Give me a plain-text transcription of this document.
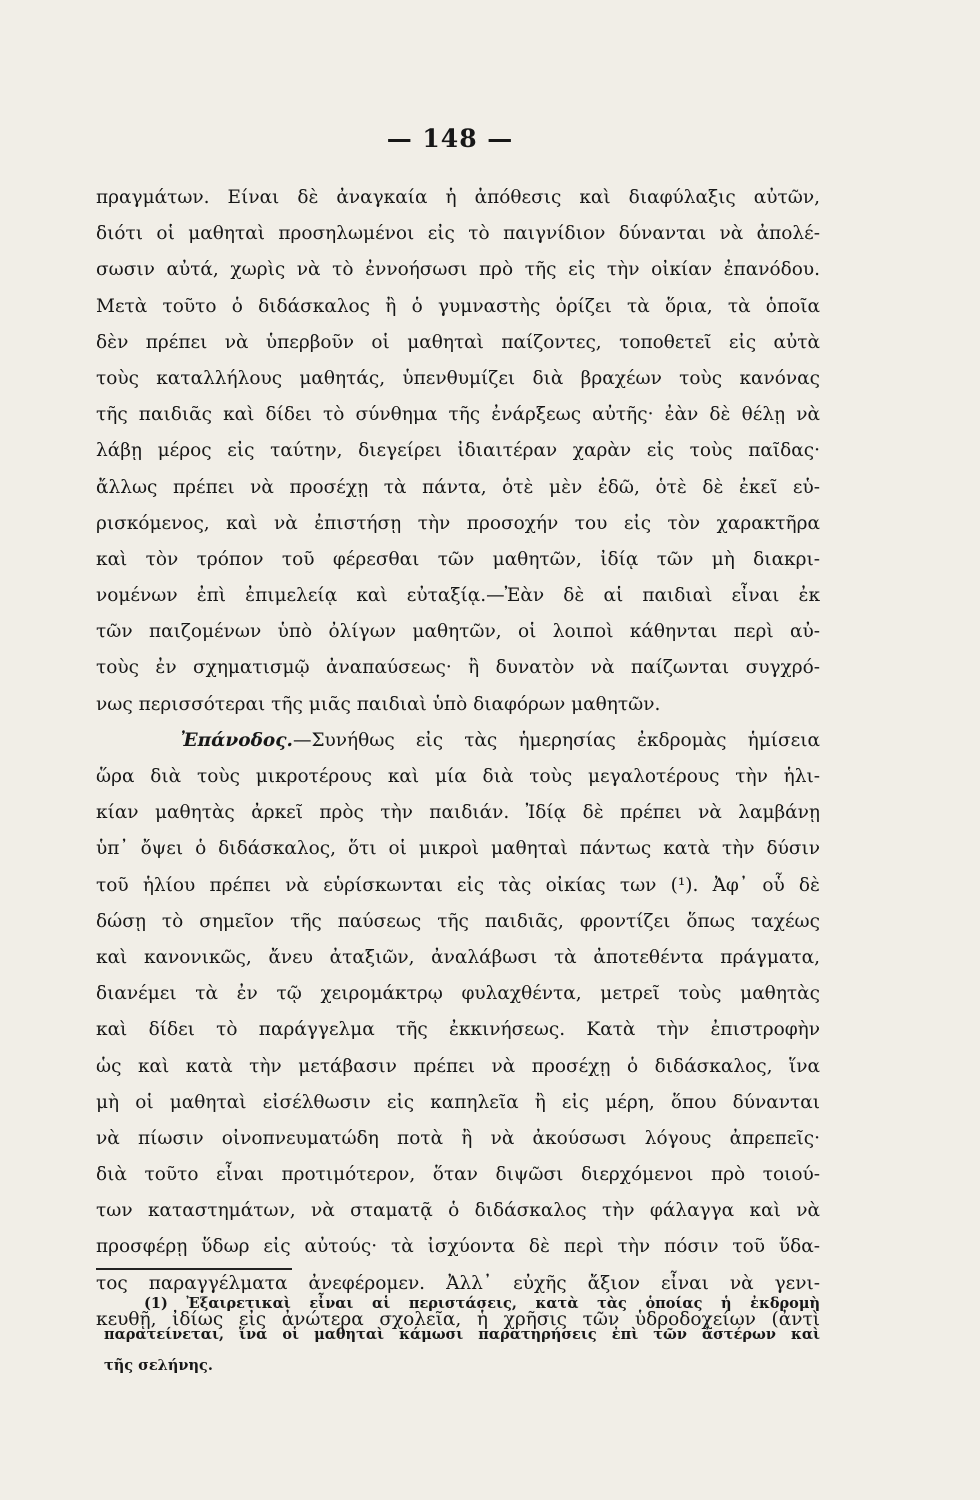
— 148 —
πραγμάτων. Είναι δὲ ἀναγκαία ἡ ἀπόθεσις καὶ διαφύλαξις αὐτῶν,
διότι οἱ μαθηταὶ προσηλωμένοι εἰς τὸ παιγνίδιον δύνανται νὰ ἀπολέ-
σωσιν αὐτά, χωρὶς νὰ τὸ ἐννοήσωσι πρὸ τῆς εἰς τὴν οἰκίαν ἐπανόδου.
Μετὰ τοῦτο ὁ διδάσκαλος ἢ ὁ γυμναστὴς ὁρίζει τὰ ὅρια, τὰ ὁποῖα
δὲν πρέπει νὰ ὑπερβοῦν οἱ μαθηταὶ παίζοντες, τοποθετεῖ εἰς αὐτὰ
τοὺς καταλλήλους μαθητάς, ὑπενθυμίζει διὰ βραχέων τοὺς κανόνας
τῆς παιδιᾶς καὶ δίδει τὸ σύνθημα τῆς ἐνάρξεως αὐτῆς· ἐὰν δὲ θέλῃ νὰ
λάβῃ μέρος εἰς ταύτην, διεγείρει ἰδιαιτέραν χαρὰν εἰς τοὺς παῖδας·
ἄλλως πρέπει νὰ προσέχῃ τὰ πάντα, ὁτὲ μὲν ἐδῶ, ὁτὲ δὲ ἐκεῖ εὑ-
ρισκόμενος, καὶ νὰ ἐπιστήσῃ τὴν προσοχήν του εἰς τὸν χαρακτῆρα
καὶ τὸν τρόπον τοῦ φέρεσθαι τῶν μαθητῶν, ἰδίᾳ τῶν μὴ διακρι-
νομένων ἐπὶ ἐπιμελείᾳ καὶ εὐταξίᾳ.—Ἐὰν δὲ αἱ παιδιαὶ εἶναι ἐκ
τῶν παιζομένων ὑπὸ ὀλίγων μαθητῶν, οἱ λοιποὶ κάθηνται περὶ αὐ-
τοὺς ἐν σχηματισμῷ ἀναπαύσεως· ἢ δυνατὸν νὰ παίζωνται συγχρό-
νως περισσότεραι τῆς μιᾶς παιδιαὶ ὑπὸ διαφόρων μαθητῶν.
Ἐπάνοδος.—Συνήθως εἰς τὰς ἡμερησίας ἐκδρομὰς ἡμίσεια
ὥρα διὰ τοὺς μικροτέρους καὶ μία διὰ τοὺς μεγαλοτέρους τὴν ἡλι-
κίαν μαθητὰς ἀρκεῖ πρὸς τὴν παιδιάν. Ἰδίᾳ δὲ πρέπει νὰ λαμβάνῃ
ὑπ᾽ ὄψει ὁ διδάσκαλος, ὅτι οἱ μικροὶ μαθηταὶ πάντως κατὰ τὴν δύσιν
τοῦ ἡλίου πρέπει νὰ εὑρίσκωνται εἰς τὰς οἰκίας των (¹). Ἀφ᾽ οὗ δὲ
δώσῃ τὸ σημεῖον τῆς παύσεως τῆς παιδιᾶς, φροντίζει ὅπως ταχέως
καὶ κανονικῶς, ἄνευ ἀταξιῶν, ἀναλάβωσι τὰ ἀποτεθέντα πράγματα,
διανέμει τὰ ἐν τῷ χειρομάκτρῳ φυλαχθέντα, μετρεῖ τοὺς μαθητὰς
καὶ δίδει τὸ παράγγελμα τῆς ἐκκινήσεως. Κατὰ τὴν ἐπιστροφὴν
ὡς καὶ κατὰ τὴν μετάβασιν πρέπει νὰ προσέχῃ ὁ διδάσκαλος, ἵνα
μὴ οἱ μαθηταὶ εἰσέλθωσιν εἰς καπηλεῖα ἢ εἰς μέρη, ὅπου δύνανται
νὰ πίωσιν οἰνοπνευματώδη ποτὰ ἢ νὰ ἀκούσωσι λόγους ἀπρεπεῖς·
διὰ τοῦτο εἶναι προτιμότερον, ὅταν διψῶσι διερχόμενοι πρὸ τοιού-
των καταστημάτων, νὰ σταματᾷ ὁ διδάσκαλος τὴν φάλαγγα καὶ νὰ
προσφέρῃ ὕδωρ εἰς αὐτούς· τὰ ἰσχύοντα δὲ περὶ τὴν πόσιν τοῦ ὕδα-
τος παραγγέλματα ἀνεφέρομεν. Ἀλλ᾽ εὐχῆς ἄξιον εἶναι νὰ γενι-
κευθῇ, ἰδίως εἰς ἀνώτερα σχολεῖα, ἡ χρῆσις τῶν ὑδροδοχείων (ἀντὶ
(1) Ἐξαιρετικαὶ εἶναι αἱ περιστάσεις, κατὰ τὰς ὁποίας ἡ ἐκδρομὴ
παρατείνεται, ἵνα οἱ μαθηταὶ κάμωσι παρατηρήσεις ἐπὶ τῶν ἀστέρων καὶ
τῆς σελήνης.
